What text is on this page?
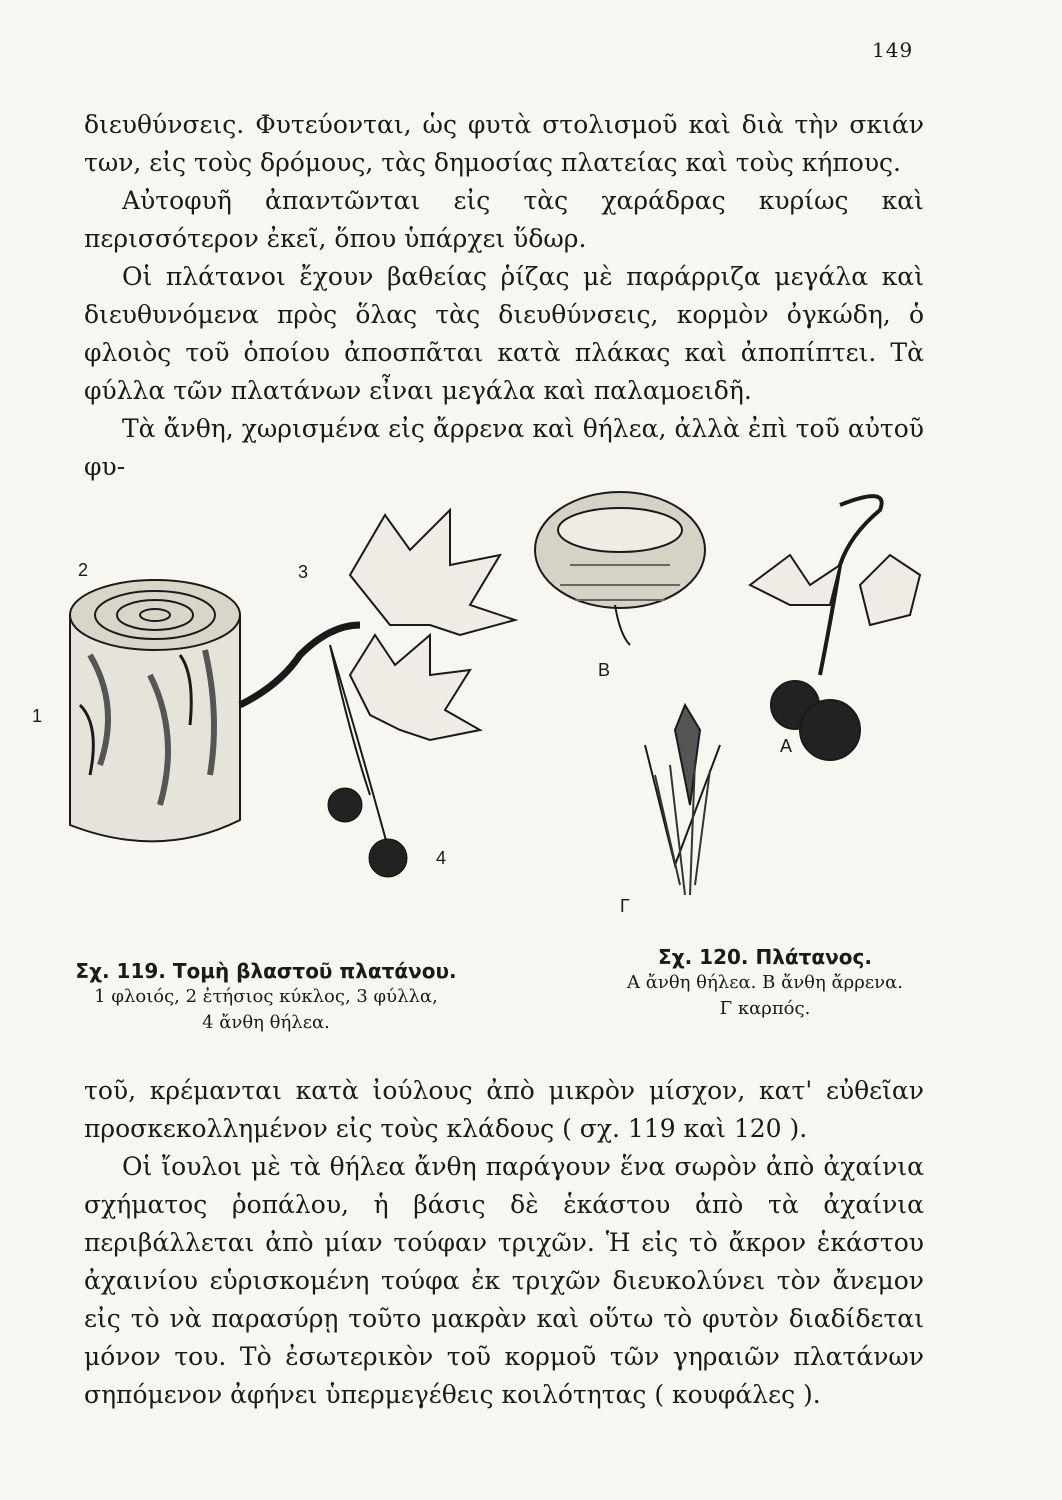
149

διευθύνσεις. Φυτεύονται, ὡς φυτὰ στολισμοῦ καὶ διὰ τὴν σκιάν των, εἰς τοὺς δρόμους, τὰς δημοσίας πλατείας καὶ τοὺς κήπους.

Αὐτοφυῆ ἀπαντῶνται εἰς τὰς χαράδρας κυρίως καὶ περισσότερον ἐκεῖ, ὅπου ὑπάρχει ὕδωρ.

Οἱ πλάτανοι ἔχουν βαθείας ῥίζας μὲ παράρριζα μεγάλα καὶ διευθυνόμενα πρὸς ὅλας τὰς διευθύνσεις, κορμὸν ὀγκώδη, ὁ φλοιὸς τοῦ ὁποίου ἀποσπᾶται κατὰ πλάκας καὶ ἀποπίπτει. Τὰ φύλλα τῶν πλατάνων εἶναι μεγάλα καὶ παλαμοειδῆ.

Τὰ ἄνθη, χωρισμένα εἰς ἄρρενα καὶ θήλεα, ἀλλὰ ἐπὶ τοῦ αὐτοῦ φυ-

2	3
1
4
Β
Α
Γ
Σχ. 119. Τομὴ βλαστοῦ πλατάνου.
1 φλοιός, 2 ἐτήσιος κύκλος, 3 φύλλα,
4 ἄνθη θήλεα.
Σχ. 120. Πλάτανος.
Α ἄνθη θήλεα. Β ἄνθη ἄρρενα.
Γ καρπός.

τοῦ, κρέμανται κατὰ ἰούλους ἀπὸ μικρὸν μίσχον, κατ' εὐθεῖαν προσκεκολλημένον εἰς τοὺς κλάδους ( σχ. 119 καὶ 120 ).

Οἱ ἴουλοι μὲ τὰ θήλεα ἄνθη παράγουν ἕνα σωρὸν ἀπὸ ἀχαίνια σχήματος ῥοπάλου, ἡ βάσις δὲ ἑκάστου ἀπὸ τὰ ἀχαίνια περιβάλλεται ἀπὸ μίαν τούφαν τριχῶν. Ἡ εἰς τὸ ἄκρον ἑκάστου ἀχαινίου εὑρισκομένη τούφα ἐκ τριχῶν διευκολύνει τὸν ἄνεμον εἰς τὸ νὰ παρασύρῃ τοῦτο μακρὰν καὶ οὕτω τὸ φυτὸν διαδίδεται μόνον του. Τὸ ἐσωτερικὸν τοῦ κορμοῦ τῶν γηραιῶν πλατάνων σηπόμενον ἀφήνει ὑπερμεγέθεις κοιλότητας ( κουφάλες ).
